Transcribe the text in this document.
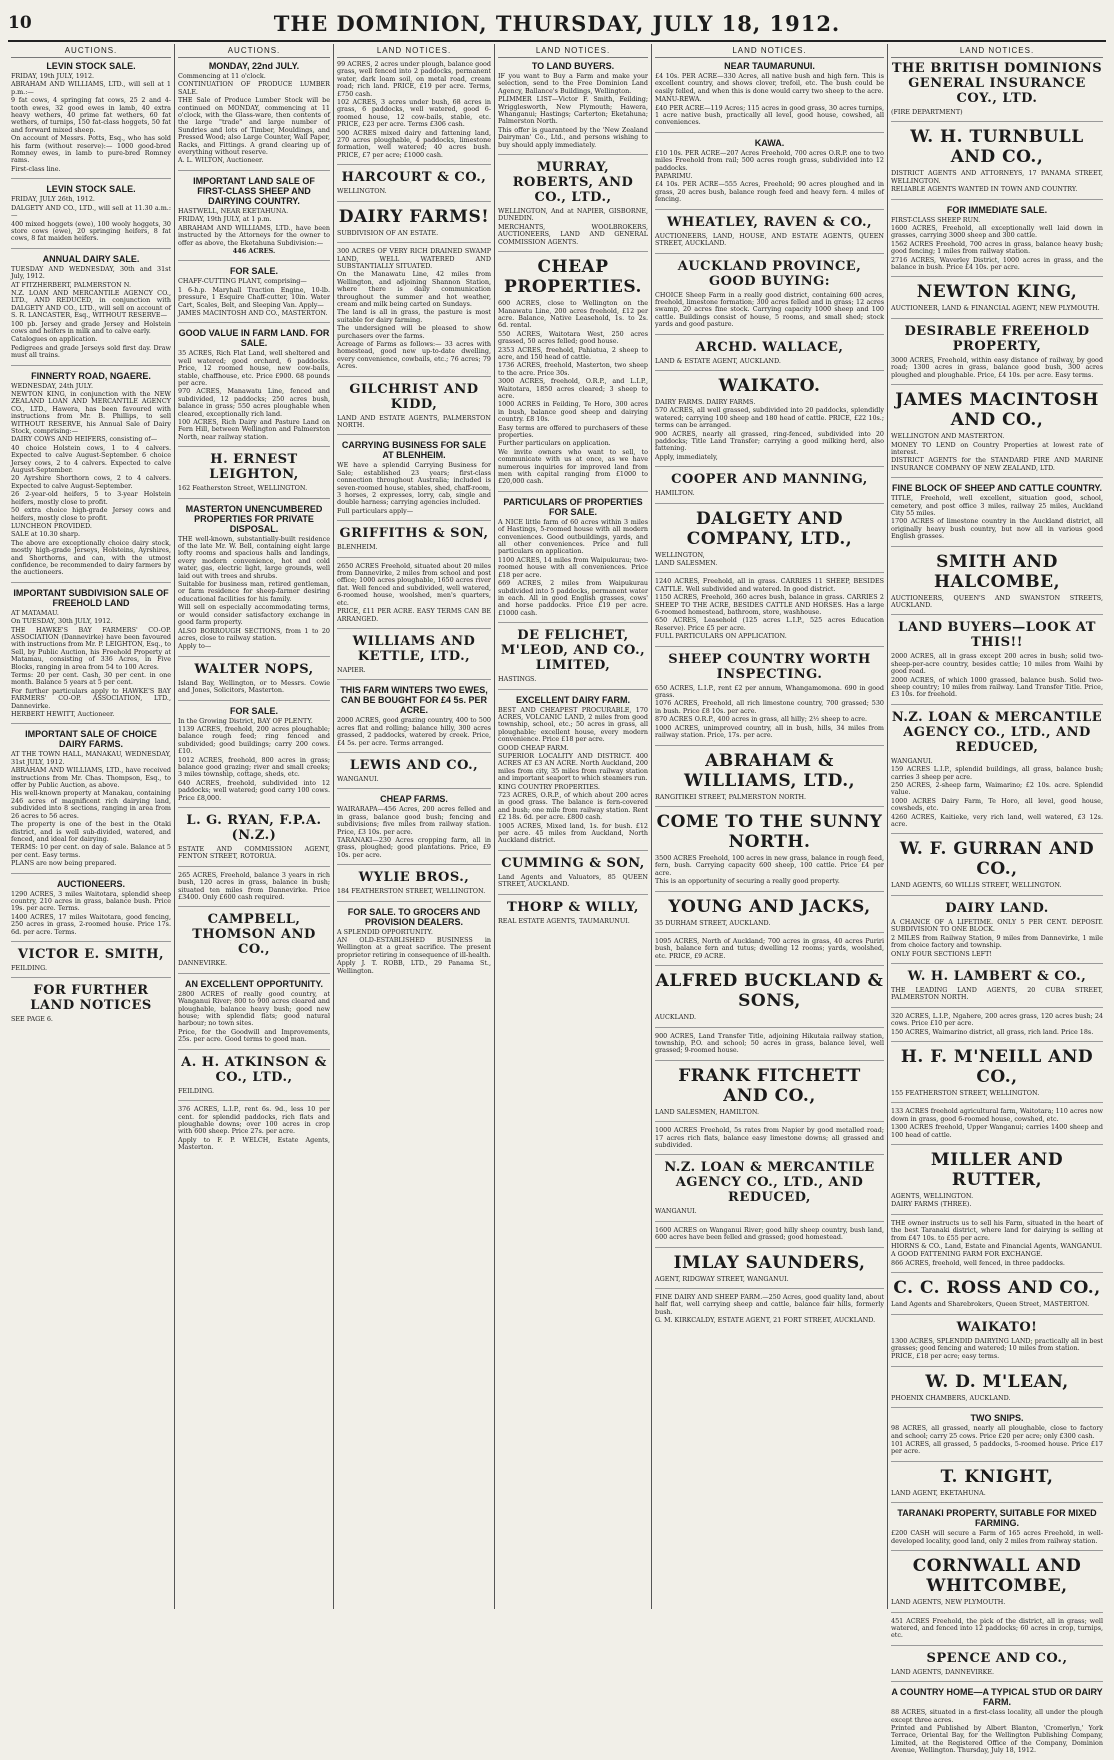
10	THE DOMINION, THURSDAY, JULY 18, 1912.
AUCTIONS.
LEVIN STOCK SALE.

FRIDAY, 19th JULY, 1912.

ABRAHAM AND WILLIAMS, LTD., will sell at 1 p.m.:—

9 fat cows, 4 springing fat cows, 25 2 and 4-tooth ewes, 32 good ewes in lamb, 40 extra heavy wethers, 40 prime fat wethers, 60 fat wethers, of turnips, 150 fat-class hoggets, 50 fat and forward mixed sheep.

On account of Messrs. Potts, Esq., who has sold his farm (without reserve):— 1000 good-bred Romney ewes, in lamb to pure-bred Romney rams.

First-class line.

LEVIN STOCK SALE.

FRIDAY, JULY 26th, 1912.

DALGETY AND CO., LTD., will sell at 11.30 a.m.:—

400 mixed hoggets (ewe), 100 wooly hoggets, 30 store cows (ewe), 20 springing heifers, 8 fat cows, 8 fat maiden heifers.

ANNUAL DAIRY SALE.

TUESDAY AND WEDNESDAY, 30th and 31st July, 1912.

AT FITZHERBERT, PALMERSTON N.

N.Z. LOAN AND MERCANTILE AGENCY CO., LTD., AND REDUCED, in conjunction with DALGETY AND CO., LTD., will sell on account of S. R. LANCASTER, Esq., WITHOUT RESERVE—

100 pb. Jersey and grade Jersey and Holstein cows and heifers in milk and to calve early.

Catalogues on application.

Pedigrees and grade Jerseys sold first day. Draw must all trains.

FINNERTY ROAD, NGAERE.

WEDNESDAY, 24th JULY.

NEWTON KING, in conjunction with the NEW ZEALAND LOAN AND MERCANTILE AGENCY CO., LTD., Hawera, has been favoured with instructions from Mr. B. Phillips, to sell WITHOUT RESERVE, his Annual Sale of Dairy Stock, comprising:—

DAIRY COWS AND HEIFERS, consisting of—

40 choice Holstein cows, 1 to 4 calvers. Expected to calve August-September. 6 choice Jersey cows, 2 to 4 calvers. Expected to calve August-September.

20 Ayrshire Shorthorn cows, 2 to 4 calvers. Expected to calve August-September.

26 2-year-old heifers, 5 to 3-year Holstein heifers, mostly close to profit.

50 extra choice high-grade Jersey cows and heifers, mostly close to profit.

LUNCHEON PROVIDED.

SALE at 10.30 sharp.

The above are exceptionally choice dairy stock, mostly high-grade Jerseys, Holsteins, Ayrshires, and Shorthorns, and can, with the utmost confidence, be recommended to dairy farmers by the auctioneers.

IMPORTANT SUBDIVISION SALE OF FREEHOLD LAND

AT MATAMAU.

On TUESDAY, 30th JULY, 1912.

THE HAWKE'S BAY FARMERS' CO-OP. ASSOCIATION (Dannevirke) have been favoured with instructions from Mr. P. LEIGHTON, Esq., to Sell, by Public Auction, his Freehold Property at Matamau, consisting of 336 Acres, in Five Blocks, ranging in area from 54 to 100 Acres.

Terms: 20 per cent. Cash, 30 per cent. in one month. Balance 5 years at 5 per cent.

For further particulars apply to HAWKE'S BAY FARMERS' CO-OP. ASSOCIATION, LTD., Dannevirke.

HERBERT HEWITT, Auctioneer.

IMPORTANT SALE OF CHOICE DAIRY FARMS.

AT THE TOWN HALL, MANAKAU, WEDNESDAY, 31st JULY, 1912.

ABRAHAM AND WILLIAMS, LTD., have received instructions from Mr. Chas. Thompson, Esq., to offer by Public Auction, as above.

His well-known property at Manakau, containing 246 acres of magnificent rich dairying land, subdivided into 8 sections, ranging in area from 26 acres to 56 acres.

The property is one of the best in the Otaki district, and is well sub-divided, watered, and fenced, and ideal for dairying.

TERMS: 10 per cent. on day of sale. Balance at 5 per cent. Easy terms.

PLANS are now being prepared.

AUCTIONEERS.

1290 ACRES, 3 miles Waitotara, splendid sheep country, 210 acres in grass, balance bush. Price 19s. per acre. Terms.

1400 ACRES, 17 miles Waitotara, good fencing, 250 acres in grass, 2-roomed house. Price 17s. 6d. per acre. Terms.

VICTOR E. SMITH,

FEILDING.

FOR FURTHER LAND NOTICES

SEE PAGE 6.

AUCTIONS.
MONDAY, 22nd JULY.

Commencing at 11 o'clock.

CONTINUATION OF PRODUCE LUMBER SALE.

THE Sale of Produce Lumber Stock will be continued on MONDAY, commencing at 11 o'clock, with the Glass-ware, then contents of the large "trade" and large number of Sundries and lots of Timber, Mouldings, and Pressed Wood; also Large Counter, Wall Paper, Racks, and Fittings. A grand clearing up of everything without reserve.

A. L. WILTON, Auctioneer.

IMPORTANT LAND SALE OF FIRST-CLASS SHEEP AND DAIRYING COUNTRY.

HASTWELL, NEAR EKETAHUNA.

FRIDAY, 19th JULY, at 1 p.m.

ABRAHAM AND WILLIAMS, LTD., have been instructed by the Attorneys for the owner to offer as above, the Eketahuna Subdivision:—

446 ACRES.

FOR SALE.

CHAFF-CUTTING PLANT, comprising—

1 6-h.p. Maryhall Traction Engine, 10-lb. pressure, 1 Esquire Chaff-cutter, 10in. Water Cart, Scales, Belt, and Sleeping Van. Apply—

JAMES MACINTOSH AND CO., MASTERTON.

GOOD VALUE IN FARM LAND. FOR SALE.

35 ACRES, Rich Flat Land, well sheltered and well watered; good orchard, 6 paddocks. Price, 12 roomed house, new cow-bails, stable, chaffhouse, etc. Price £900. 68 pounds per acre.

970 ACRES, Manawatu Line, fenced and subdivided, 12 paddocks; 250 acres bush, balance in grass; 550 acres ploughable when cleared, exceptionally rich land.

100 ACRES, Rich Dairy and Pasture Land on Fern Hill, between Wellington and Palmerston North, near railway station.

H. ERNEST LEIGHTON,

162 Featherston Street, WELLINGTON.

MASTERTON UNENCUMBERED PROPERTIES FOR PRIVATE DISPOSAL.

THE well-known, substantially-built residence of the late Mr. W. Bell, containing eight large lofty rooms and spacious halls and landings, every modern convenience, hot and cold water, gas, electric light, large grounds, well laid out with trees and shrubs.

Suitable for business man, retired gentleman, or farm residence for sheep-farmer desiring educational facilities for his family.

Will sell on especially accommodating terms, or would consider satisfactory exchange in good farm property.

ALSO BORROUGH SECTIONS, from 1 to 20 acres, close to railway station.

Apply to—

WALTER NOPS,

Island Bay, Wellington, or to Messrs. Cowie and Jones, Solicitors, Masterton.

FOR SALE.

In the Growing District, BAY OF PLENTY.

1139 ACRES, freehold, 200 acres ploughable; balance rough feed; ring fenced and subdivided; good buildings; carry 200 cows. £10.

1012 ACRES, freehold, 800 acres in grass; balance good grazing; river and small creeks; 3 miles township, cottage, sheds, etc.

640 ACRES, freehold, subdivided into 12 paddocks; well watered; good carry 100 cows. Price £8,000.

L. G. RYAN, F.P.A. (N.Z.)

ESTATE AND COMMISSION AGENT, FENTON STREET, ROTORUA.

265 ACRES, Freehold, balance 3 years in rich bush, 120 acres in grass, balance in bush; situated ten miles from Dannevirke. Price £3400. Only £600 cash required.

CAMPBELL, THOMSON AND CO.,

DANNEVIRKE.

AN EXCELLENT OPPORTUNITY.

2800 ACRES of really good country, at Wanganui River; 800 to 900 acres cleared and ploughable, balance heavy bush; good new house; with splendid flats; good natural harbour; no town sites.

Price, for the Goodwill and Improvements, 25s. per acre. Good terms to good man.

A. H. ATKINSON & CO., LTD.,

FEILDING.

376 ACRES, L.I.P., rent 6s. 9d., less 10 per cent. for splendid paddocks, rich flats and ploughable downs; over 100 acres in crop with 600 sheep. Price 27s. per acre.

Apply to F. P. WELCH, Estate Agents, Masterton.

LAND NOTICES.

99 ACRES, 2 acres under plough, balance good grass, well fenced into 2 paddocks, permanent water, dark loam soil, on metal road, cream road; rich land. PRICE, £19 per acre. Terms, £750 cash.

102 ACRES, 3 acres under bush, 68 acres in grass, 6 paddocks, well watered, good 6-roomed house, 12 cow-bails, stable, etc. PRICE, £23 per acre. Terms £306 cash.

500 ACRES mixed dairy and fattening land, 270 acres ploughable, 4 paddocks, limestone formation, well watered; 40 acres bush. PRICE, £7 per acre; £1000 cash.

HARCOURT & CO.,

WELLINGTON.

DAIRY FARMS!

SUBDIVISION OF AN ESTATE.

300 ACRES OF VERY RICH DRAINED SWAMP LAND, WELL WATERED AND SUBSTANTIALLY SITUATED.

On the Manawatu Line, 42 miles from Wellington, and adjoining Shannon Station, where there is daily communication throughout the summer and hot weather, cream and milk being carted on Sundays.

The land is all in grass, the pasture is most suitable for dairy farming.

The undersigned will be pleased to show purchasers over the farms.

Acreage of Farms as follows:— 33 acres with homestead, good new up-to-date dwelling, every convenience, cowbails, etc.; 76 acres; 79 Acres.

GILCHRIST AND KIDD,

LAND AND ESTATE AGENTS, PALMERSTON NORTH.

CARRYING BUSINESS FOR SALE AT BLENHEIM.

WE have a splendid Carrying Business for Sale; established 23 years; first-class connection throughout Australia; included is seven-roomed house, stables, shed, chaff-room, 3 horses, 2 expresses, lorry, cab, single and double harness; carrying agencies included.

Full particulars apply—

GRIFFITHS & SON,

BLENHEIM.

2650 ACRES Freehold, situated about 20 miles from Dannevirke, 2 miles from school and post office; 1000 acres ploughable, 1650 acres river flat. Well fenced and subdivided, well watered, 6-roomed house, woolshed, men's quarters, etc.

PRICE, £11 PER ACRE. EASY TERMS CAN BE ARRANGED.

WILLIAMS AND KETTLE, LTD.,

NAPIER.

THIS FARM WINTERS TWO EWES, CAN BE BOUGHT FOR £4 5s. PER ACRE.

2000 ACRES, good grazing country, 400 to 500 acres flat and rolling; balance hilly, 300 acres grassed, 2 paddocks, watered by creek. Price, £4 5s. per acre. Terms arranged.

LEWIS AND CO.,

WANGANUI.

CHEAP FARMS.

WAIRARAPA—456 Acres, 200 acres felled and in grass, balance good bush; fencing and subdivisions; five miles from railway station. Price, £3 10s. per acre.

TARANAKI—230 Acres cropping farm, all in grass, ploughed; good plantations. Price, £9 10s. per acre.

WYLIE BROS.,

184 FEATHERSTON STREET, WELLINGTON.

FOR SALE. TO GROCERS AND PROVISION DEALERS.

A SPLENDID OPPORTUNITY.

AN OLD-ESTABLISHED BUSINESS in Wellington at a great sacrifice. The present proprietor retiring in consequence of ill-health.

Apply J. T. ROBB, LTD., 29 Panama St., Wellington.

LAND NOTICES.
TO LAND BUYERS.

IF you want to Buy a Farm and make your selection, send to the Free Dominion Land Agency, Ballance's Buildings, Wellington.

PLIMMER LIST—Victor F. Smith, Feilding; Wrigglesworth, New Plymouth; Hawera, Whanganui; Hastings; Carterton; Eketahuna; Palmerston North.

This offer is guaranteed by the 'New Zealand Dairyman' Co., Ltd., and persons wishing to buy should apply immediately.

MURRAY, ROBERTS, AND CO., LTD.,

WELLINGTON, And at NAPIER, GISBORNE, DUNEDIN.

MERCHANTS, WOOLBROKERS, AUCTIONEERS, LAND AND GENERAL COMMISSION AGENTS.

CHEAP PROPERTIES.

600 ACRES, close to Wellington on the Manawatu Line, 200 acres freehold, £12 per acre. Balance, Native Leasehold, 1s. to 2s. 6d. rental.

550 ACRES, Waitotara West, 250 acres grassed, 50 acres felled; good house.

2353 ACRES, freehold, Pahiatua, 2 sheep to acre, and 150 head of cattle.

1736 ACRES, freehold, Masterton, two sheep to the acre. Price 30s.

3000 ACRES, freehold, O.R.P., and L.I.P., Waitotara, 1850 acres cleared; 3 sheep to acre.

1000 ACRES in Feilding, Te Horo, 300 acres in bush, balance good sheep and dairying country. £8 10s.

Easy terms are offered to purchasers of these properties.

Further particulars on application.

We invite owners who want to sell, to communicate with us at once, as we have numerous inquiries for improved land from men with capital ranging from £1000 to £20,000 cash.

PARTICULARS OF PROPERTIES FOR SALE.

A NICE little farm of 60 acres within 3 miles of Hastings, 5-roomed house with all modern conveniences. Good outbuildings, yards, and all other conveniences. Price and full particulars on application.

1100 ACRES, 14 miles from Waipukurau; two-roomed house with all conveniences. Price £18 per acre.

669 ACRES, 2 miles from Waipukurau subdivided into 5 paddocks, permanent water in each. All in good English grasses, cows' and horse paddocks. Price £19 per acre. £1000 cash.

DE FELICHET, M'LEOD, AND CO., LIMITED,

HASTINGS.

EXCELLENT DAIRY FARM.

BEST AND CHEAPEST PROCURABLE, 170 ACRES, VOLCANIC LAND, 2 miles from good township, school, etc.; 50 acres in grass, all ploughable; excellent house, every modern convenience. Price £18 per acre.

GOOD CHEAP FARM.

SUPERIOR LOCALITY AND DISTRICT. 400 ACRES AT £3 AN ACRE. North Auckland, 200 miles from city, 35 miles from railway station and important seaport to which steamers run.

KING COUNTRY PROPERTIES.

723 ACRES, O.R.P., of which about 200 acres in good grass. The balance is fern-covered and bush; one mile from railway station. Rent £2 18s. 6d. per acre. £800 cash.

1005 ACRES, Mixed land, 1s. for bush. £12 per acre. 45 miles from Auckland, North Auckland district.

CUMMING & SON,

Land Agents and Valuators, 85 QUEEN STREET, AUCKLAND.

THORP & WILLY,

REAL ESTATE AGENTS, TAUMARUNUI.

LAND NOTICES.
NEAR TAUMARUNUI.

£4 10s. PER ACRE—330 Acres, all native bush and high fern. This is excellent country, and shows clover, trefoil, etc. The bush could be easily felled, and when this is done would carry two sheep to the acre.

MANU-REWA.

£40 PER ACRE—119 Acres; 115 acres in good grass, 30 acres turnips, 1 acre native bush, practically all level, good house, cowshed, all conveniences.

KAWA.

£10 10s. PER ACRE—207 Acres Freehold, 700 acres O.R.P. one to two miles Freehold from rail; 500 acres rough grass, subdivided into 12 paddocks.

PAPARIMU.

£4 10s. PER ACRE—555 Acres, Freehold; 90 acres ploughed and in grass, 20 acres bush, balance rough feed and heavy fern. 4 miles of fencing.

WHEATLEY, RAVEN & CO.,

AUCTIONEERS, LAND, HOUSE, AND ESTATE AGENTS, QUEEN STREET, AUCKLAND.

AUCKLAND PROVINCE, GOOD BUYING:

CHOICE Sheep Farm in a really good district, containing 600 acres, freehold, limestone formation; 300 acres felled and in grass; 12 acres swamp, 20 acres fine stock. Carrying capacity 1000 sheep and 100 cattle. Buildings consist of house, 5 rooms, and small shed; stock yards and good pasture.

ARCHD. WALLACE,

LAND & ESTATE AGENT, AUCKLAND.

WAIKATO.

DAIRY FARMS. DAIRY FARMS.

570 ACRES, all well grassed, subdivided into 20 paddocks, splendidly watered; carrying 100 sheep and 180 head of cattle. PRICE, £22 10s.; terms can be arranged.

900 ACRES, nearly all grassed, ring-fenced, subdivided into 20 paddocks; Title Land Transfer; carrying a good milking herd, also fattening.

Apply, immediately,

COOPER AND MANNING,

HAMILTON.

DALGETY AND COMPANY, LTD.,

WELLINGTON,

LAND SALESMEN.

1240 ACRES, Freehold, all in grass. CARRIES 11 SHEEP, BESIDES CATTLE. Well subdivided and watered. In good district.

1150 ACRES, Freehold, 360 acres bush, balance in grass. CARRIES 2 SHEEP TO THE ACRE, BESIDES CATTLE AND HORSES. Has a large 6-roomed homestead, bathroom, store, washhouse.

650 ACRES, Leasehold (125 acres L.I.P., 525 acres Education Reserve). Price £5 per acre.

FULL PARTICULARS ON APPLICATION.

SHEEP COUNTRY WORTH INSPECTING.

650 ACRES, L.I.P., rent £2 per annum, Whangamomona. 690 in good grass.

1076 ACRES, Freehold, all rich limestone country, 700 grassed; 530 in bush. Price £8 10s. per acre.

870 ACRES O.R.P., 400 acres in grass, all hilly; 2½ sheep to acre.

1000 ACRES, unimproved country, all in bush, hills, 34 miles from railway station. Price, 17s. per acre.

ABRAHAM & WILLIAMS, LTD.,

RANGITIKEI STREET, PALMERSTON NORTH.

COME TO THE SUNNY NORTH.

3500 ACRES Freehold, 100 acres in new grass, balance in rough feed, fern, bush. Carrying capacity 600 sheep, 100 cattle. Price £4 per acre.

This is an opportunity of securing a really good property.

YOUNG AND JACKS,

35 DURHAM STREET, AUCKLAND.

1095 ACRES, North of Auckland; 700 acres in grass, 40 acres Puriri bush, balance fern and tutus; dwelling 12 rooms; yards, woolshed, etc. PRICE, £9 ACRE.

ALFRED BUCKLAND & SONS,

AUCKLAND.

900 ACRES, Land Transfer Title, adjoining Hikutaia railway station, township, P.O. and school; 50 acres in grass, balance level, well grassed; 9-roomed house.

FRANK FITCHETT AND CO.,

LAND SALESMEN, HAMILTON.

1000 ACRES Freehold, 5s rates from Napier by good metalled road; 17 acres rich flats, balance easy limestone downs; all grassed and subdivided.

N.Z. LOAN & MERCANTILE AGENCY CO., LTD., AND REDUCED,

WANGANUI.

1600 ACRES on Wanganui River; good hilly sheep country, bush land, 600 acres have been felled and grassed; good homestead.

IMLAY SAUNDERS,

AGENT, RIDGWAY STREET, WANGANUI.

FINE DAIRY AND SHEEP FARM.—250 Acres, good quality land, about half flat, well carrying sheep and cattle, balance fair hills, formerly bush.

G. M. KIRKCALDY, ESTATE AGENT, 21 FORT STREET, AUCKLAND.

LAND NOTICES.
THE BRITISH DOMINIONS GENERAL INSURANCE COY., LTD.

(FIRE DEPARTMENT)

W. H. TURNBULL AND CO.,

DISTRICT AGENTS AND ATTORNEYS, 17 PANAMA STREET, WELLINGTON.

RELIABLE AGENTS WANTED IN TOWN AND COUNTRY.

FOR IMMEDIATE SALE.

FIRST-CLASS SHEEP RUN.

1600 ACRES, Freehold, all exceptionally well laid down in grasses, carrying 3000 sheep and 300 cattle.

1562 ACRES Freehold, 700 acres in grass, balance heavy bush; good fencing; 1 miles from railway station.

2716 ACRES, Waverley District, 1000 acres in grass, and the balance in bush. Price £4 10s. per acre.

NEWTON KING,

AUCTIONEER, LAND & FINANCIAL AGENT, NEW PLYMOUTH.

DESIRABLE FREEHOLD PROPERTY,

3000 ACRES, Freehold, within easy distance of railway, by good road; 1300 acres in grass, balance good bush, 300 acres ploughed and ploughable. Price, £4 10s. per acre. Easy terms.

JAMES MACINTOSH AND CO.,

WELLINGTON AND MASTERTON.

MONEY TO LEND on Country Properties at lowest rate of interest.

DISTRICT AGENTS for the STANDARD FIRE AND MARINE INSURANCE COMPANY OF NEW ZEALAND, LTD.

FINE BLOCK OF SHEEP AND CATTLE COUNTRY.

TITLE, Freehold, well excellent, situation good, school, cemetery, and post office 3 miles, railway 25 miles, Auckland City 55 miles.

1700 ACRES of limestone country in the Auckland district, all originally heavy bush country, but now all in various good English grasses.

SMITH AND HALCOMBE,

AUCTIONEERS, QUEEN'S AND SWANSTON STREETS, AUCKLAND.

LAND BUYERS—LOOK AT THIS!!

2000 ACRES, all in grass except 200 acres in bush; solid two-sheep-per-acre country, besides cattle; 10 miles from Waihi by good road.

2000 ACRES, of which 1000 grassed, balance bush. Solid two-sheep country; 10 miles from railway. Land Transfer Title. Price, £3 10s. for freehold.

N.Z. LOAN & MERCANTILE AGENCY CO., LTD., AND REDUCED,

WANGANUI.

159 ACRES L.I.P., splendid buildings, all grass, balance bush; carries 3 sheep per acre.

250 ACRES, 2-sheep farm, Waimarino; £2 10s. acre. Splendid value.

1000 ACRES Dairy Farm, Te Horo, all level, good house, cowsheds, etc.

4260 ACRES, Kaitieke, very rich land, well watered, £3 12s. acre.

W. F. GURRAN AND CO.,

LAND AGENTS, 60 WILLIS STREET, WELLINGTON.

DAIRY LAND.

A CHANCE OF A LIFETIME. ONLY 5 PER CENT. DEPOSIT. SUBDIVISION TO ONE BLOCK.

2 MILES from Railway Station, 9 miles from Dannevirke, 1 mile from choice factory and township.

ONLY FOUR SECTIONS LEFT!

W. H. LAMBERT & CO.,

THE LEADING LAND AGENTS, 20 CUBA STREET, PALMERSTON NORTH.

320 ACRES, L.I.P., Ngahere, 200 acres grass, 120 acres bush; 24 cows. Price £10 per acre.

150 ACRES, Waimarino district, all grass, rich land. Price 18s.

H. F. M'NEILL AND CO.,

155 FEATHERSTON STREET, WELLINGTON.

133 ACRES freehold agricultural farm, Waitotara; 110 acres now down in grass, good 6-roomed house, cowshed, etc.

1300 ACRES freehold, Upper Wanganui; carries 1400 sheep and 100 head of cattle.

MILLER AND RUTTER,

AGENTS, WELLINGTON.

DAIRY FARMS (THREE).

THE owner instructs us to sell his Farm, situated in the heart of the best Taranaki district, where land for dairying is selling at from £47 10s. to £55 per acre.

HIORNS & CO., Land, Estate and Financial Agents, WANGANUI.

A GOOD FATTENING FARM FOR EXCHANGE.

866 ACRES, freehold, well fenced, in three paddocks.

C. C. ROSS AND CO.,

Land Agents and Sharebrokers, Queen Street, MASTERTON.

WAIKATO!

1300 ACRES, SPLENDID DAIRYING LAND; practically all in best grasses; good fencing and watered; 10 miles from station.

PRICE, £18 per acre; easy terms.

W. D. M'LEAN,

PHOENIX CHAMBERS, AUCKLAND.

TWO SNIPS.

98 ACRES, all grassed, nearly all ploughable, close to factory and school; carry 25 cows. Price £20 per acre; only £300 cash.

101 ACRES, all grassed, 5 paddocks, 5-roomed house. Price £17 per acre.

T. KNIGHT,

LAND AGENT, EKETAHUNA.

TARANAKI PROPERTY, SUITABLE FOR MIXED FARMING.

£200 CASH will secure a Farm of 165 acres Freehold, in well-developed locality, good land, only 2 miles from railway station.

CORNWALL AND WHITCOMBE,

LAND AGENTS, NEW PLYMOUTH.

451 ACRES Freehold, the pick of the district, all in grass; well watered, and fenced into 12 paddocks; 60 acres in crop, turnips, etc.

SPENCE AND CO.,

LAND AGENTS, DANNEVIRKE.

A COUNTRY HOME—A TYPICAL STUD OR DAIRY FARM.

88 ACRES, situated in a first-class locality, all under the plough except three acres.

Printed and Published by Albert Blanton, 'Cromerlyn,' York Terrace, Oriental Bay, for the Wellington Publishing Company, Limited, at the Registered Office of the Company, Dominion Avenue, Wellington. Thursday, July 18, 1912.
